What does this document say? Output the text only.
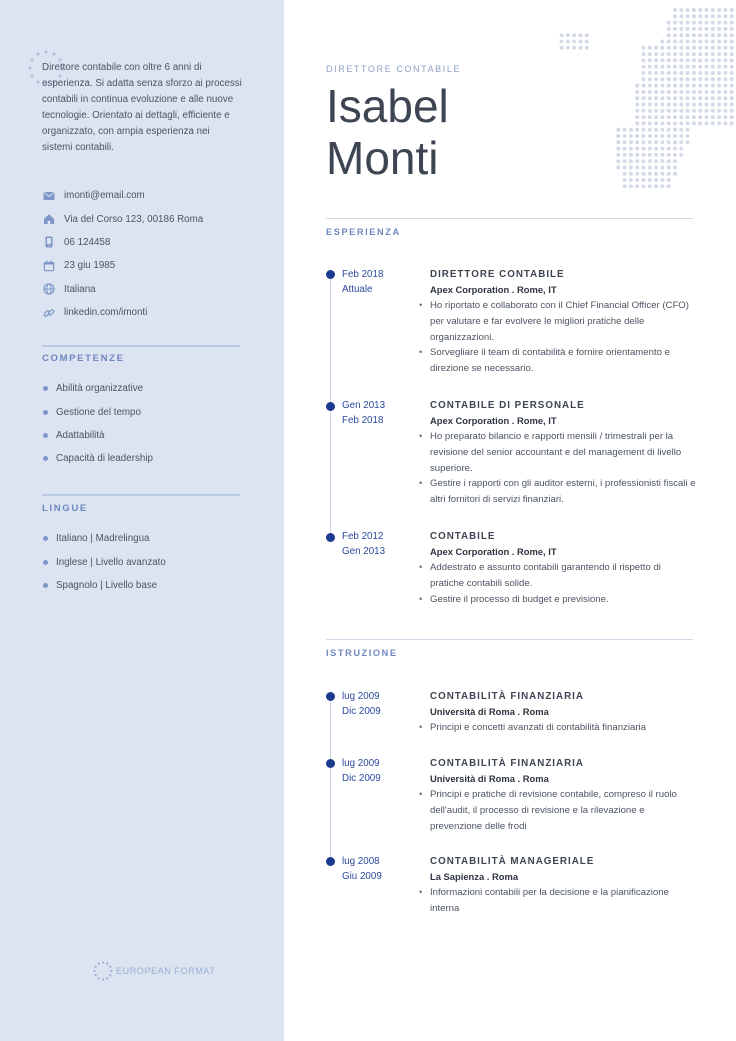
Direttore contabile con oltre 6 anni di esperienza. Si adatta senza sforzo ai processi contabili in continua evoluzione e alle nuove tecnologie. Orientato ai dettagli, efficiente e organizzato, con ampia esperienza nei sistemi contabili.

imonti@email.com
Via del Corso 123, 00186 Roma
06 124458
23 giu 1985
Italiana
linkedin.com/imonti
COMPETENZE
Abilità organizzative
Gestione del tempo
Adattabilità
Capacità di leadership
LINGUE
Italiano | Madrelingua
Inglese | Livello avanzato
Spagnolo | Livello base
EUROPEAN FORMAT
DIRETTORE CONTABILE
Isabel
Monti
ESPERIENZA
Feb 2018
Attuale
DIRETTORE CONTABILE
Apex Corporation . Rome, IT
• Ho riportato e collaborato con il Chief Financial Officer (CFO) per valutare e far evolvere le migliori pratiche delle organizzazioni.
• Sorvegliare il team di contabilità e fornire orientamento e direzione se necessario.
Gen 2013
Feb 2018
CONTABILE DI PERSONALE
Apex Corporation . Rome, IT
• Ho preparato bilancio e rapporti mensili / trimestrali per la revisione del senior accountant e del management di livello superiore.
• Gestire i rapporti con gli auditor esterni, i professionisti fiscali e altri fornitori di servizi finanziari.
Feb 2012
Gen 2013
CONTABILE
Apex Corporation . Rome, IT
• Addestrato e assunto contabili garantendo il rispetto di pratiche contabili solide.
• Gestire il processo di budget e previsione.
ISTRUZIONE
lug 2009
Dic 2009
CONTABILITÀ FINANZIARIA
Università di Roma . Roma
• Principi e concetti avanzati di contabilità finanziaria
lug 2009
Dic 2009
CONTABILITÀ FINANZIARIA
Università di Roma . Roma
• Principi e pratiche di revisione contabile, compreso il ruolo dell'audit, il processo di revisione e la rilevazione e prevenzione delle frodi
lug 2008
Giu 2009
CONTABILITÀ MANAGERIALE
La Sapienza . Roma
• Informazioni contabili per la decisione e la pianificazione interna
